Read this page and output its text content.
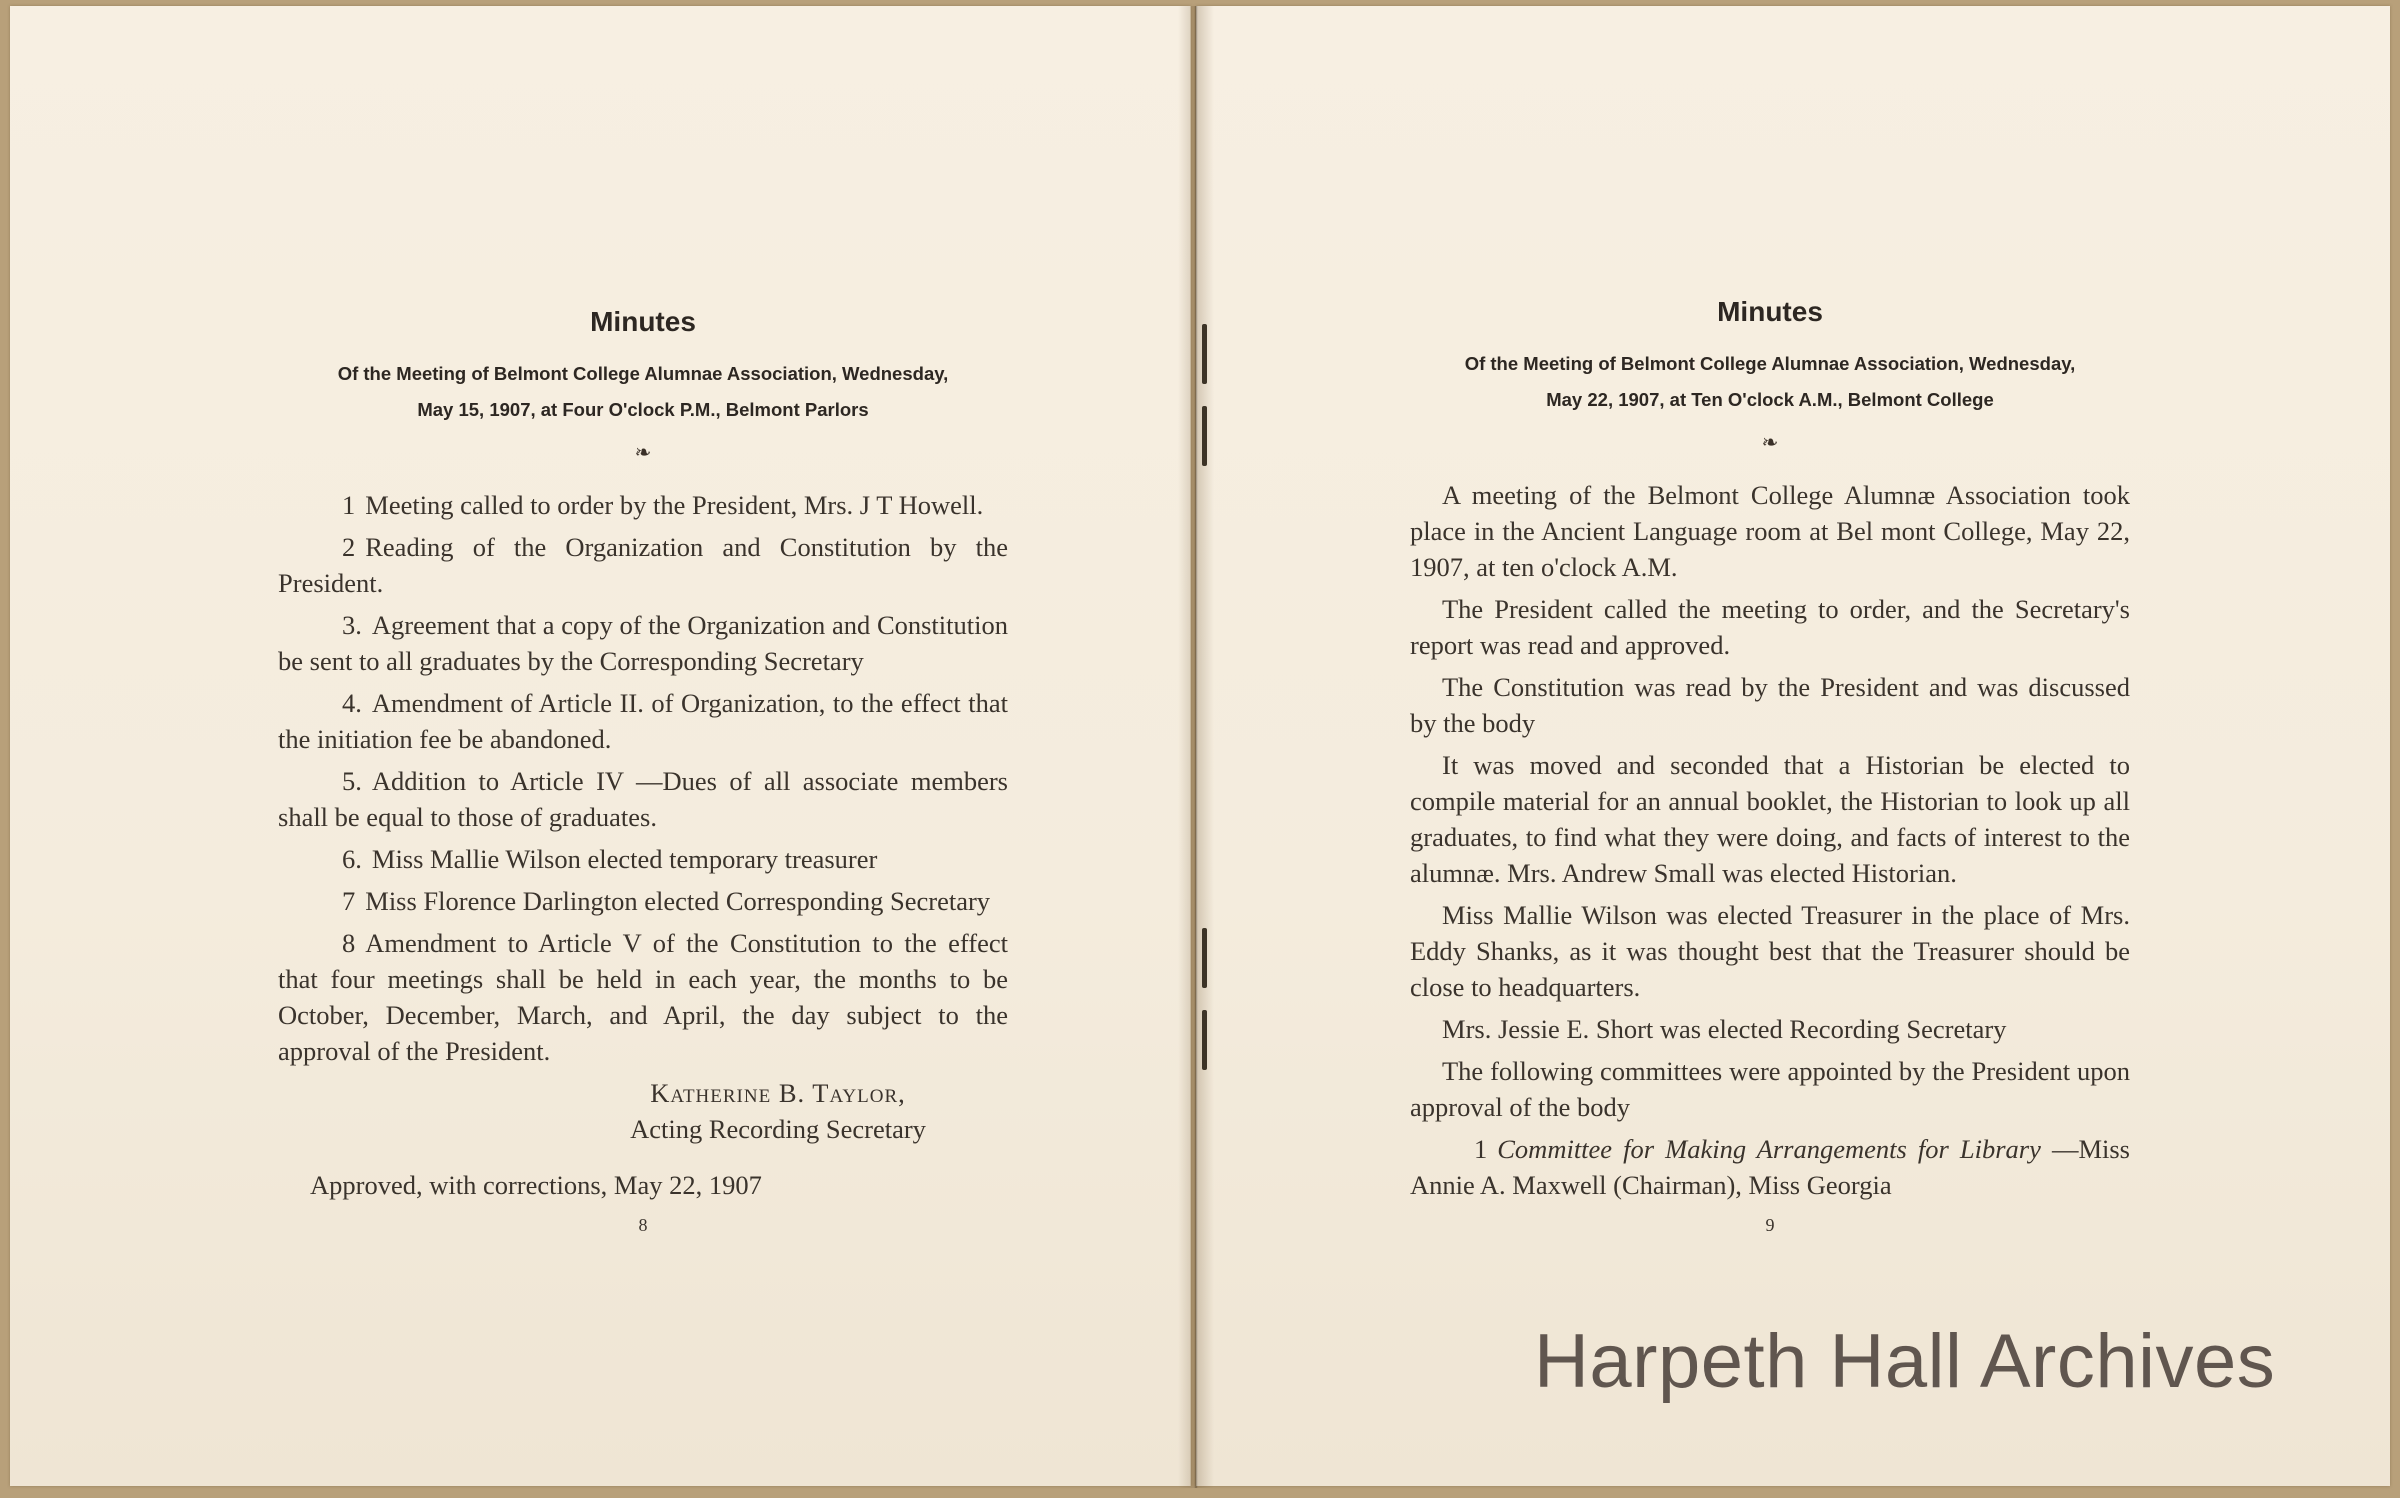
Minutes
Of the Meeting of Belmont College Alumnae Association, Wednesday,
May 15, 1907, at Four O'clock P.M., Belmont Parlors
❧

1 Meeting called to order by the President, Mrs. J T Howell.

2 Reading of the Organization and Constitution by the President.

3. Agreement that a copy of the Organization and Constitution be sent to all graduates by the Corresponding Secretary

4. Amendment of Article II. of Organization, to the effect that the initiation fee be abandoned.

5. Addition to Article IV —Dues of all associate members shall be equal to those of graduates.

6. Miss Mallie Wilson elected temporary treasurer

7 Miss Florence Darlington elected Corresponding Secretary

8 Amendment to Article V of the Constitution to the effect that four meetings shall be held in each year, the months to be October, December, March, and April, the day subject to the approval of the President.

Katherine B. Taylor,
Acting Recording Secretary
Approved, with corrections, May 22, 1907
8
Minutes
Of the Meeting of Belmont College Alumnae Association, Wednesday,
May 22, 1907, at Ten O'clock A.M., Belmont College
❧

A meeting of the Belmont College Alumnæ Association took place in the Ancient Language room at Bel mont College, May 22, 1907, at ten o'clock A.M.

The President called the meeting to order, and the Secretary's report was read and approved.

The Constitution was read by the President and was discussed by the body

It was moved and seconded that a Historian be elected to compile material for an annual booklet, the Historian to look up all graduates, to find what they were doing, and facts of interest to the alumnæ. Mrs. Andrew Small was elected Historian.

Miss Mallie Wilson was elected Treasurer in the place of Mrs. Eddy Shanks, as it was thought best that the Treasurer should be close to headquarters.

Mrs. Jessie E. Short was elected Recording Secretary

The following committees were appointed by the President upon approval of the body

1 Committee for Making Arrangements for Library —Miss Annie A. Maxwell (Chairman), Miss Georgia

9
Harpeth Hall Archives
